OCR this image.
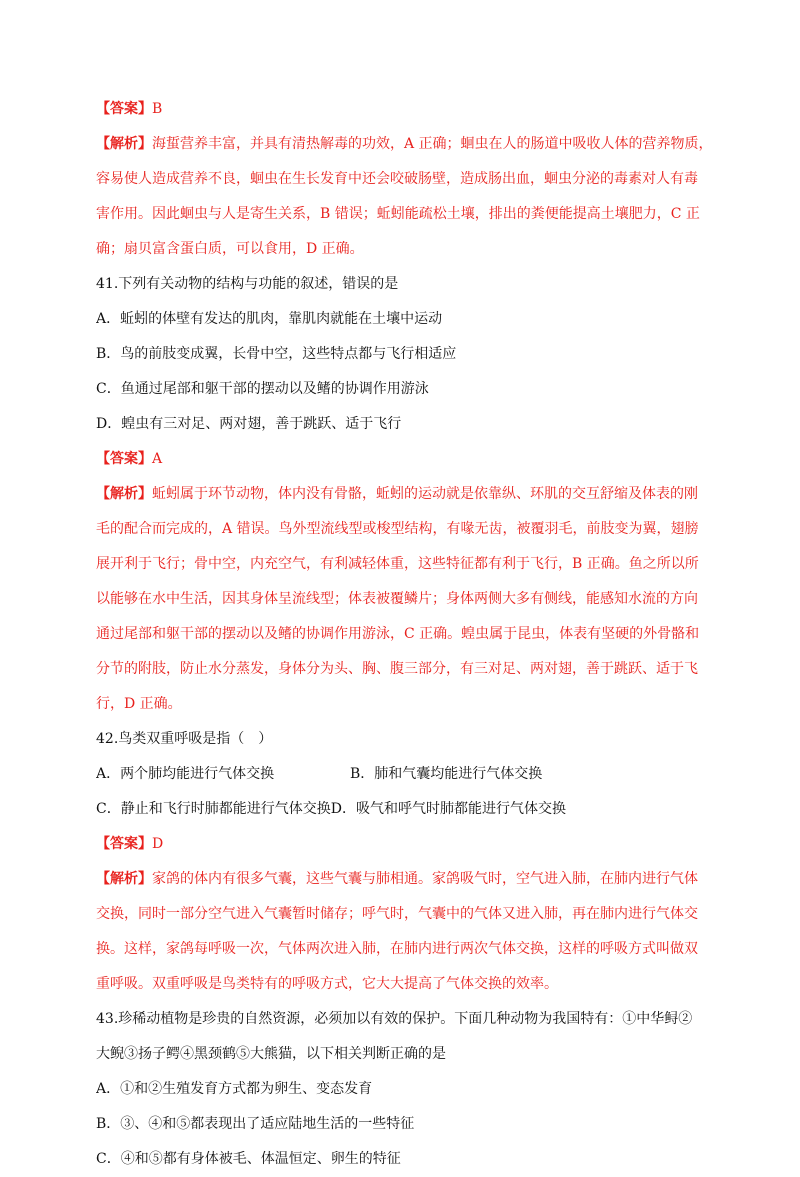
【答案】B
【解析】海蜇营养丰富，并具有清热解毒的功效，A 正确；蛔虫在人的肠道中吸收人体的营养物质，
容易使人造成营养不良，蛔虫在生长发育中还会咬破肠壁，造成肠出血，蛔虫分泌的毒素对人有毒
害作用。因此蛔虫与人是寄生关系，B 错误；蚯蚓能疏松土壤，排出的粪便能提高土壤肥力，C 正
确；扇贝富含蛋白质，可以食用，D 正确。
41.下列有关动物的结构与功能的叙述，错误的是
A．蚯蚓的体壁有发达的肌肉，靠肌肉就能在土壤中运动
B．鸟的前肢变成翼，长骨中空，这些特点都与飞行相适应
C．鱼通过尾部和躯干部的摆动以及鳍的协调作用游泳
D．蝗虫有三对足、两对翅，善于跳跃、适于飞行
【答案】A
【解析】蚯蚓属于环节动物，体内没有骨骼，蚯蚓的运动就是依靠纵、环肌的交互舒缩及体表的刚
毛的配合而完成的，A 错误。鸟外型流线型或梭型结构，有喙无齿，被覆羽毛，前肢变为翼，翅膀
展开利于飞行；骨中空，内充空气，有利减轻体重，这些特征都有利于飞行，B 正确。鱼之所以所
以能够在水中生活，因其身体呈流线型；体表被覆鳞片；身体两侧大多有侧线，能感知水流的方向
通过尾部和躯干部的摆动以及鳍的协调作用游泳，C 正确。蝗虫属于昆虫，体表有坚硬的外骨骼和
分节的附肢，防止水分蒸发，身体分为头、胸、腹三部分，有三对足、两对翅，善于跳跃、适于飞
行，D 正确。
42.鸟类双重呼吸是指（　）
A．两个肺均能进行气体交换	B．肺和气囊均能进行气体交换
C．静止和飞行时肺都能进行气体交换 D．吸气和呼气时肺都能进行气体交换
【答案】D
【解析】家鸽的体内有很多气囊，这些气囊与肺相通。家鸽吸气时，空气进入肺，在肺内进行气体
交换，同时一部分空气进入气囊暂时储存；呼气时，气囊中的气体又进入肺，再在肺内进行气体交
换。这样，家鸽每呼吸一次，气体两次进入肺，在肺内进行两次气体交换，这样的呼吸方式叫做双
重呼吸。双重呼吸是鸟类特有的呼吸方式，它大大提高了气体交换的效率。
43.珍稀动植物是珍贵的自然资源，必须加以有效的保护。下面几种动物为我国特有：①中华鲟②
大鲵③扬子鳄④黑颈鹤⑤大熊猫，以下相关判断正确的是
A．①和②生殖发育方式都为卵生、变态发育
B．③、④和⑤都表现出了适应陆地生活的一些特征
C．④和⑤都有身体被毛、体温恒定、卵生的特征
